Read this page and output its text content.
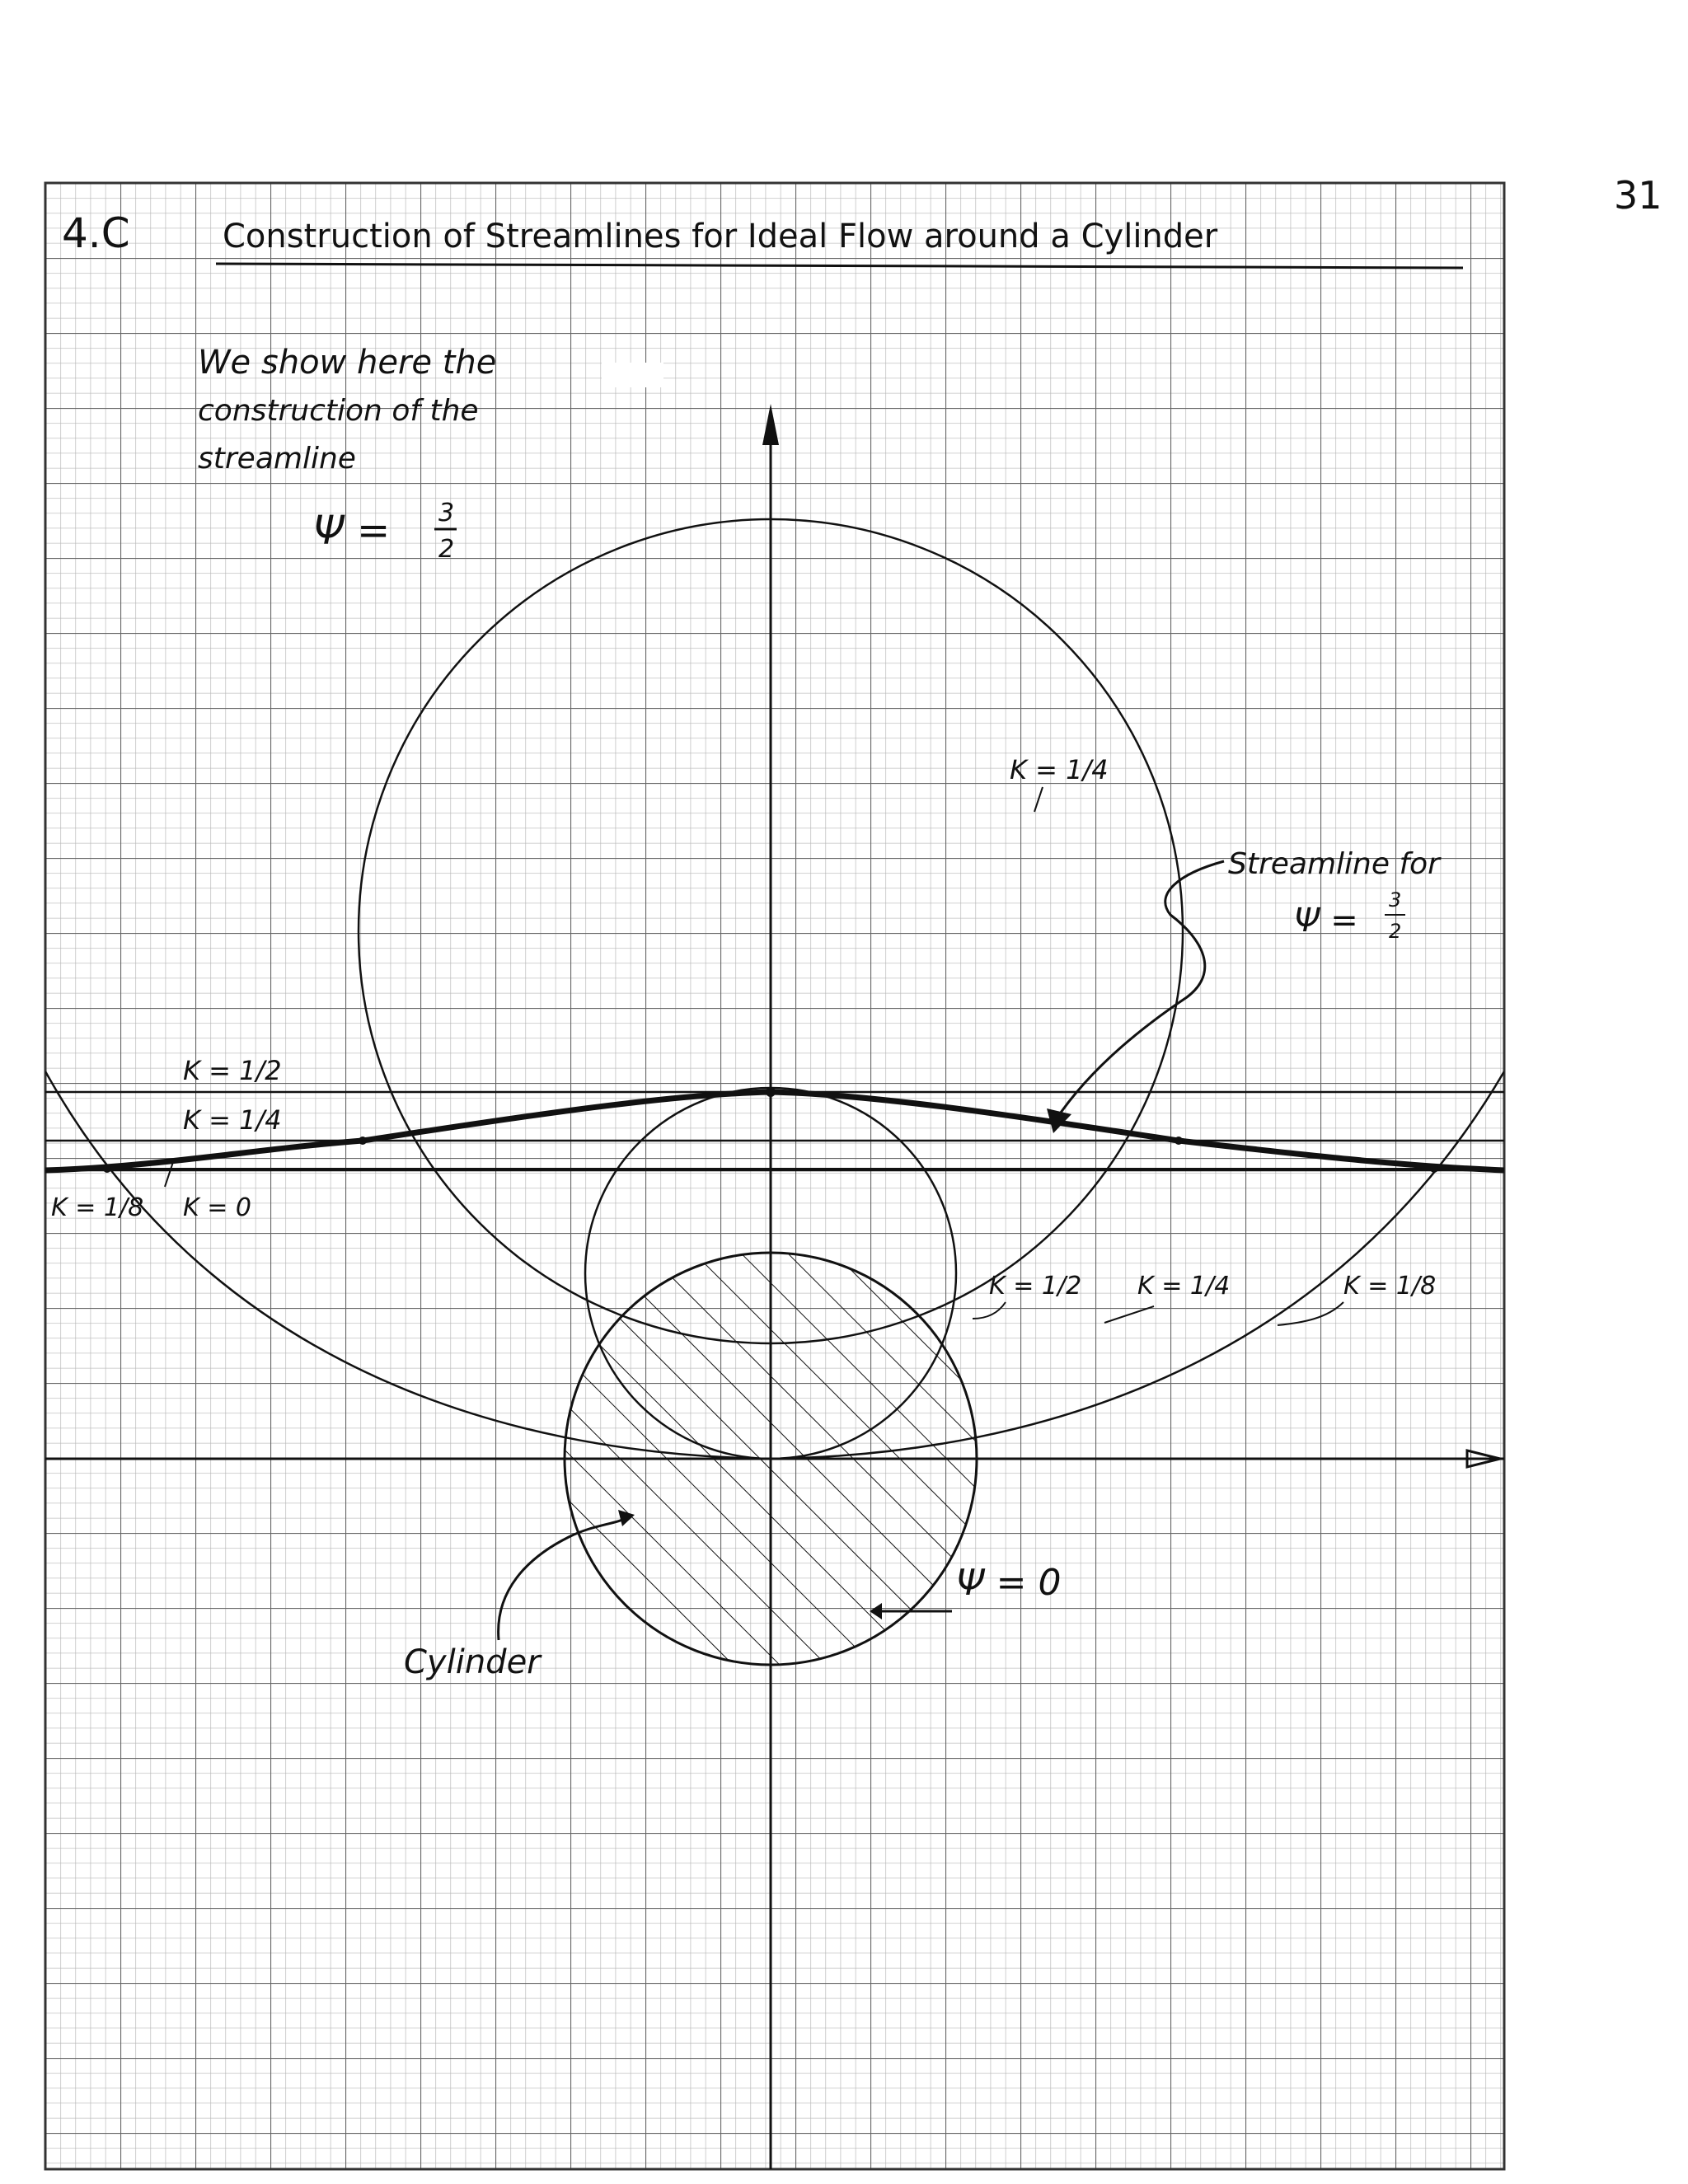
31
4.C	Construction of Streamlines for Ideal Flow around a Cylinder
We show here the
construction of the
streamline
Ψ = 3
2
K = 1/4
K = 1/2
K = 1/4
K = 1/8 K = 0
K = 1/2 K = 1/4	K = 1/8
Streamline for
Ψ =
3
2
Ψ = 0
Cylinder
